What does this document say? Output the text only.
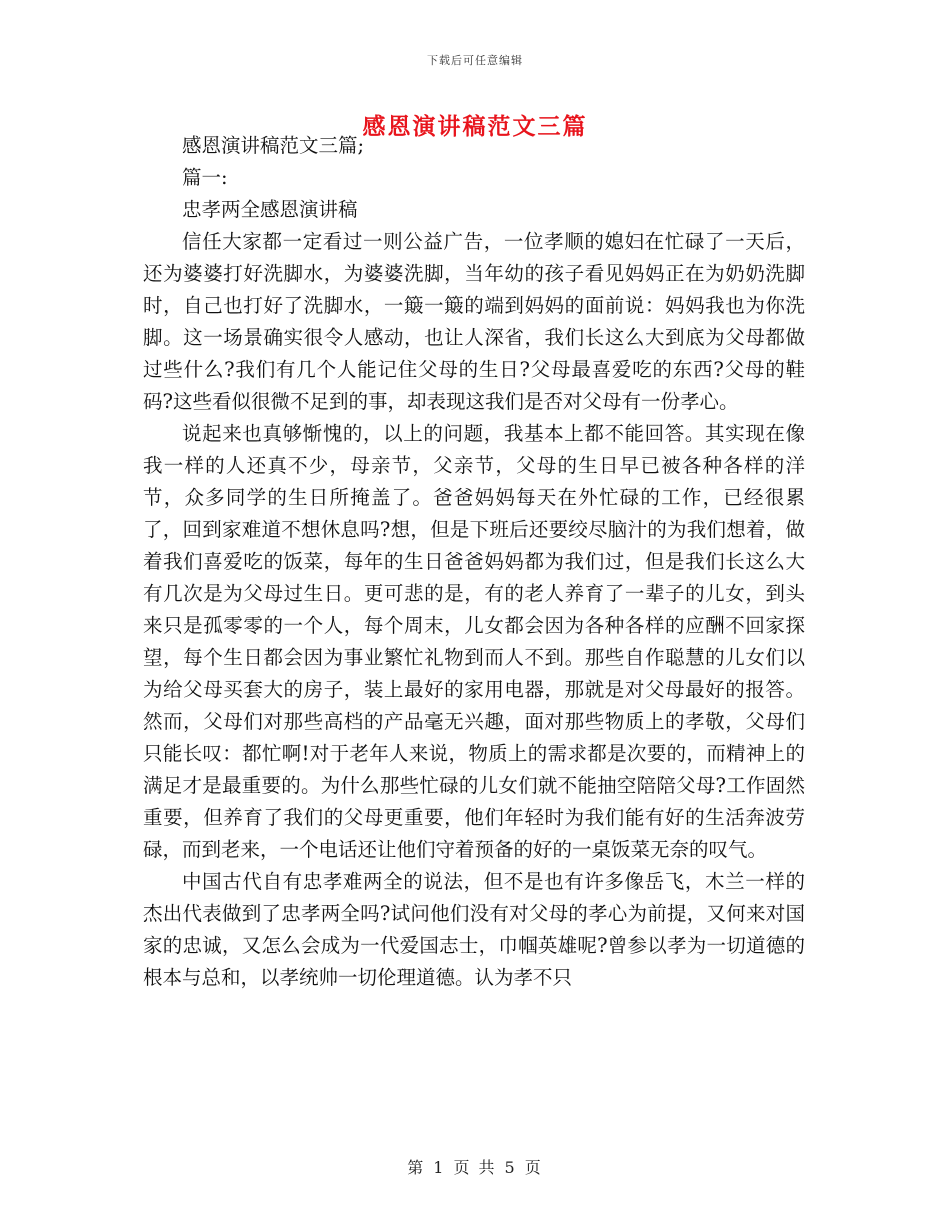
下载后可任意编辑
感恩演讲稿范文三篇

感恩演讲稿范文三篇;

篇一:

忠孝两全感恩演讲稿

信任大家都一定看过一则公益广告，一位孝顺的媳妇在忙碌了一天后，还为婆婆打好洗脚水，为婆婆洗脚，当年幼的孩子看见妈妈正在为奶奶洗脚时，自己也打好了洗脚水，一簸一簸的端到妈妈的面前说：妈妈我也为你洗脚。这一场景确实很令人感动，也让人深省，我们长这么大到底为父母都做过些什么?我们有几个人能记住父母的生日?父母最喜爱吃的东西?父母的鞋码?这些看似很微不足到的事，却表现这我们是否对父母有一份孝心。

说起来也真够惭愧的，以上的问题，我基本上都不能回答。其实现在像我一样的人还真不少，母亲节，父亲节，父母的生日早已被各种各样的洋节，众多同学的生日所掩盖了。爸爸妈妈每天在外忙碌的工作，已经很累了，回到家难道不想休息吗?想，但是下班后还要绞尽脑汁的为我们想着，做着我们喜爱吃的饭菜，每年的生日爸爸妈妈都为我们过，但是我们长这么大有几次是为父母过生日。更可悲的是，有的老人养育了一辈子的儿女，到头来只是孤零零的一个人，每个周末，儿女都会因为各种各样的应酬不回家探望，每个生日都会因为事业繁忙礼物到而人不到。那些自作聪慧的儿女们以为给父母买套大的房子，装上最好的家用电器，那就是对父母最好的报答。然而，父母们对那些高档的产品毫无兴趣，面对那些物质上的孝敬，父母们只能长叹：都忙啊!对于老年人来说，物质上的需求都是次要的，而精神上的满足才是最重要的。为什么那些忙碌的儿女们就不能抽空陪陪父母?工作固然重要，但养育了我们的父母更重要，他们年轻时为我们能有好的生活奔波劳碌，而到老来，一个电话还让他们守着预备的好的一桌饭菜无奈的叹气。

中国古代自有忠孝难两全的说法，但不是也有许多像岳飞，木兰一样的杰出代表做到了忠孝两全吗?试问他们没有对父母的孝心为前提，又何来对国家的忠诚，又怎么会成为一代爱国志士，巾帼英雄呢?曾参以孝为一切道德的根本与总和，以孝统帅一切伦理道德。认为孝不只

第 1 页 共 5 页
